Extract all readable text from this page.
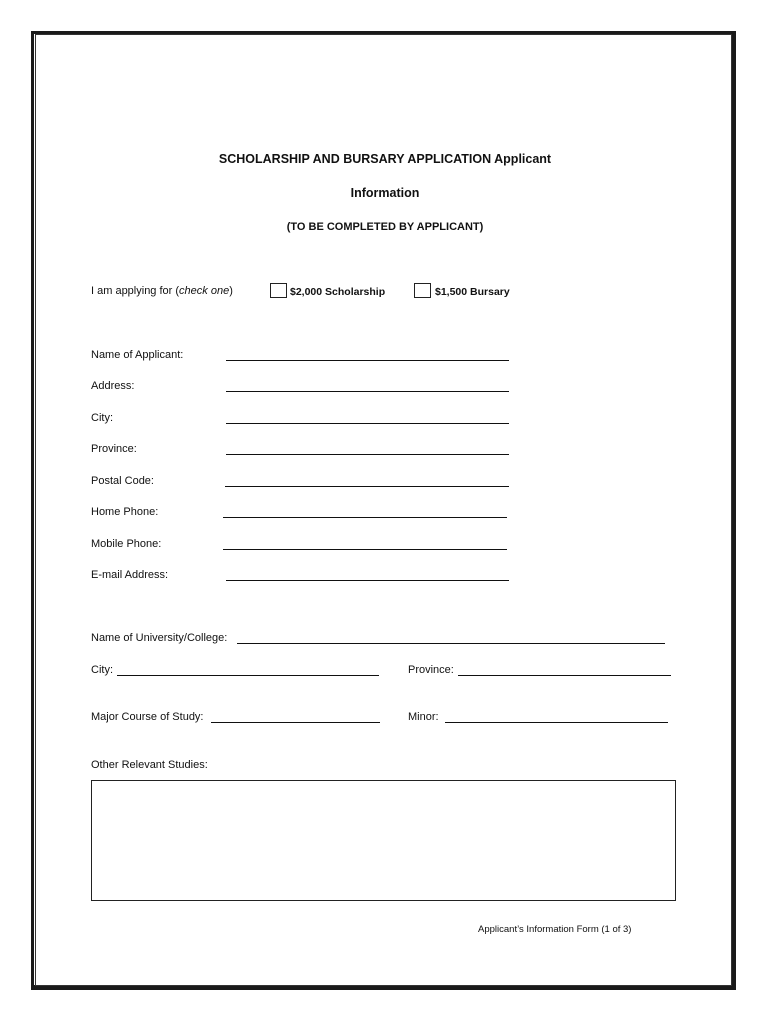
SCHOLARSHIP AND BURSARY APPLICATION Applicant
Information
(TO BE COMPLETED BY APPLICANT)
I am applying for (check one)	$2,000 Scholarship	$1,500 Bursary
Name of Applicant:
Address:
City:
Province:
Postal Code:
Home Phone:
Mobile Phone:
E-mail Address:
Name of University/College:
City:	Province:
Major Course of Study:	Minor:
Other Relevant Studies:
Applicant’s Information Form (1 of 3)
